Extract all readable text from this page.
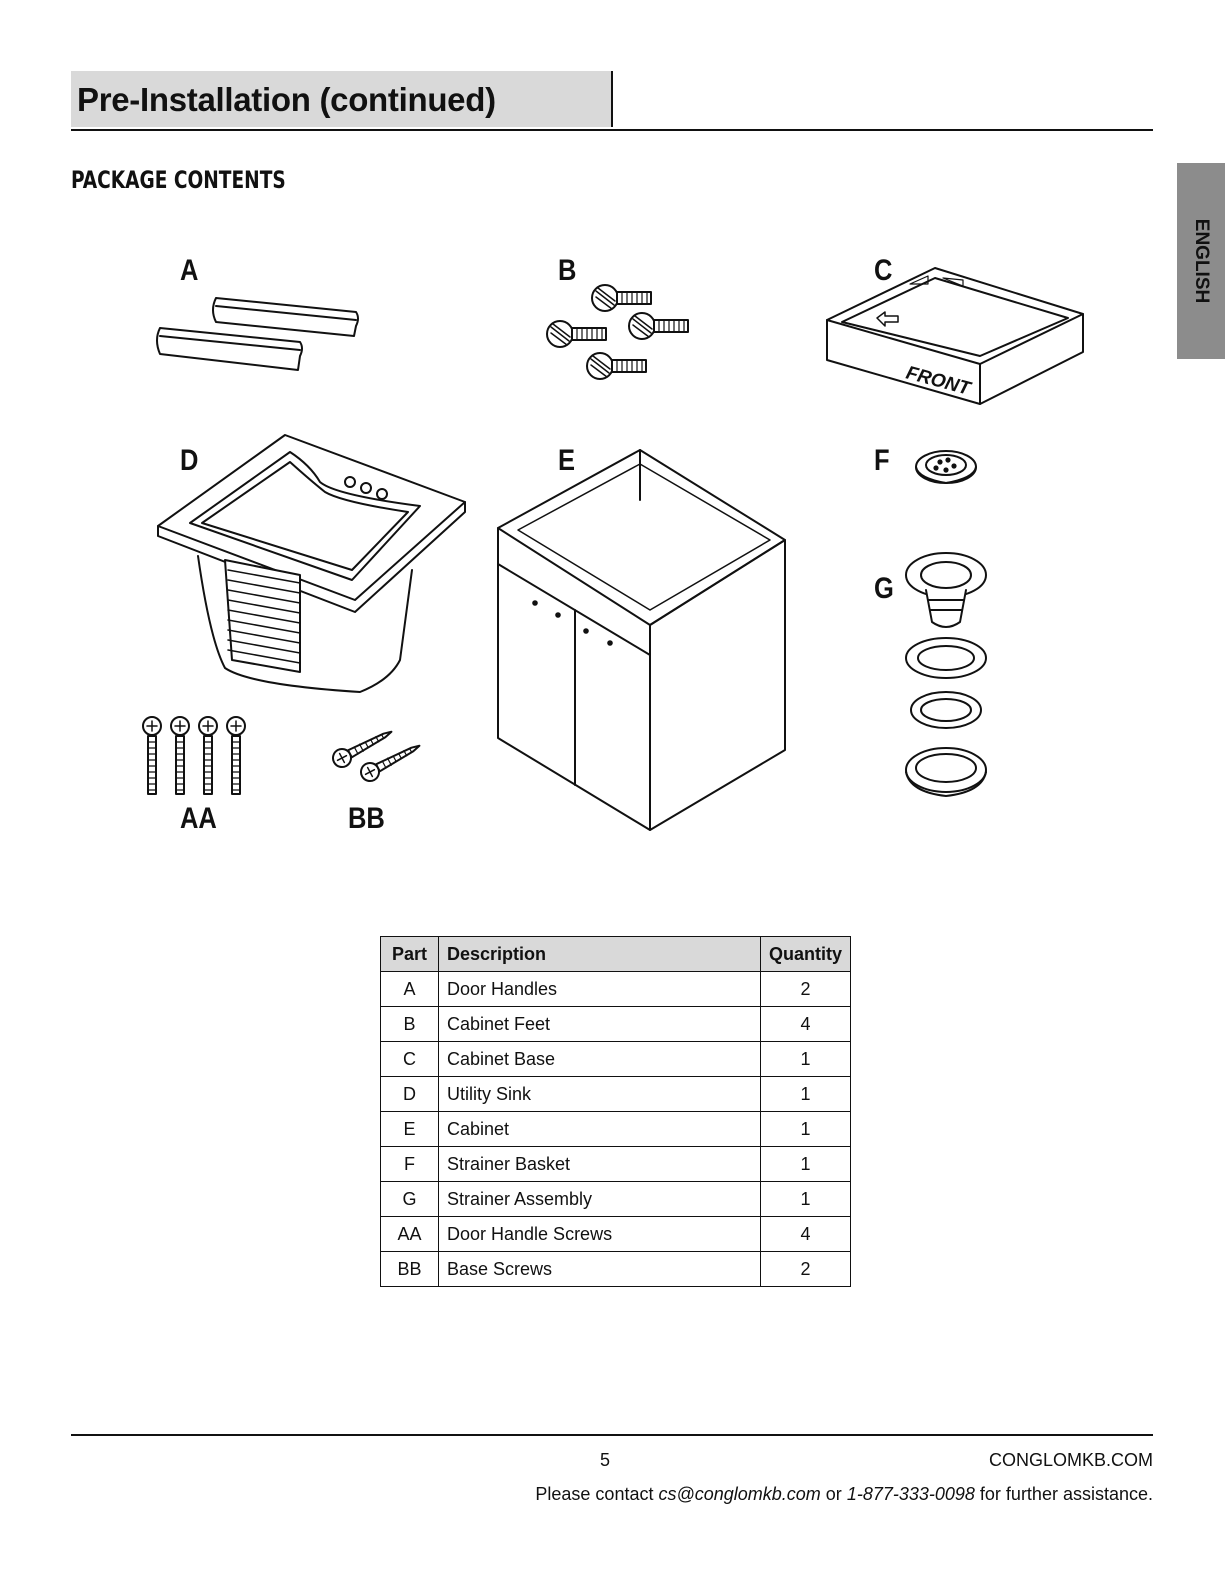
Pre-Installation (continued)
PACKAGE CONTENTS
ENGLISH
FRONT
A	B	C
D	E	F
G
AA	BB
Part	Description	Quantity
A	Door Handles	2
B	Cabinet Feet	4
C	Cabinet Base	1
D	Utility Sink	1
E	Cabinet	1
F	Strainer Basket	1
G	Strainer Assembly	1
AA	Door Handle Screws	4
BB	Base Screws	2
5	CONGLOMKB.COM
Please contact cs@conglomkb.com or 1-877-333-0098 for further assistance.
